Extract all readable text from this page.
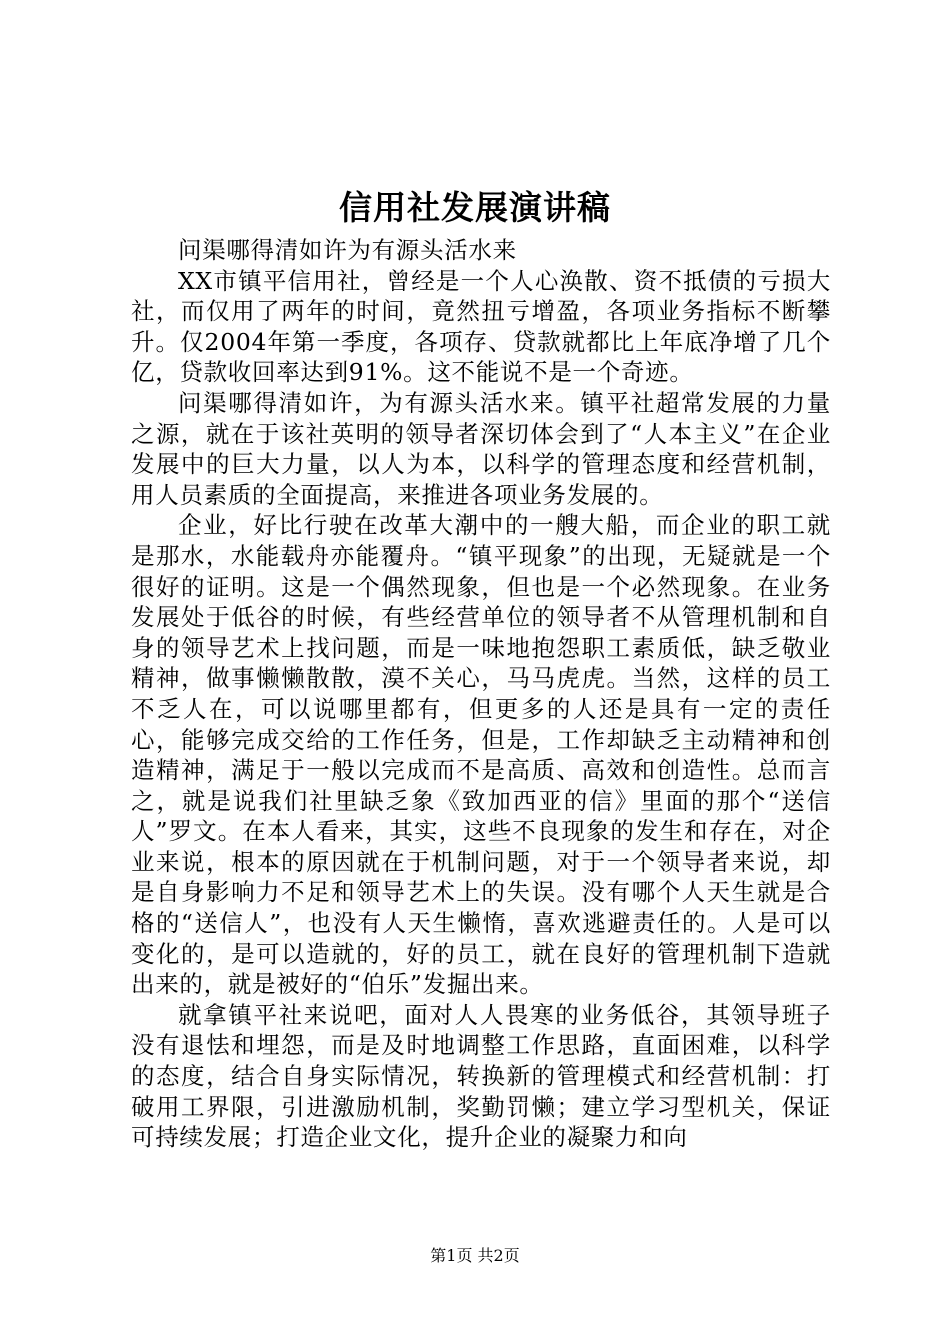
信用社发展演讲稿

问渠哪得清如许为有源头活水来

XX市镇平信用社，曾经是一个人心涣散、资不抵债的亏损大社，而仅用了两年的时间，竟然扭亏增盈，各项业务指标不断攀升。仅2004年第一季度，各项存、贷款就都比上年底净增了几个亿，贷款收回率达到91%。这不能说不是一个奇迹。

问渠哪得清如许，为有源头活水来。镇平社超常发展的力量之源，就在于该社英明的领导者深切体会到了“人本主义”在企业发展中的巨大力量，以人为本，以科学的管理态度和经营机制，用人员素质的全面提高，来推进各项业务发展的。

企业，好比行驶在改革大潮中的一艘大船，而企业的职工就是那水，水能载舟亦能覆舟。“镇平现象”的出现，无疑就是一个很好的证明。这是一个偶然现象，但也是一个必然现象。在业务发展处于低谷的时候，有些经营单位的领导者不从管理机制和自身的领导艺术上找问题，而是一味地抱怨职工素质低，缺乏敬业精神，做事懒懒散散，漠不关心，马马虎虎。当然，这样的员工不乏人在，可以说哪里都有，但更多的人还是具有一定的责任心，能够完成交给的工作任务，但是，工作却缺乏主动精神和创造精神，满足于一般以完成而不是高质、高效和创造性。总而言之，就是说我们社里缺乏象《致加西亚的信》里面的那个“送信人”罗文。在本人看来，其实，这些不良现象的发生和存在，对企业来说，根本的原因就在于机制问题，对于一个领导者来说，却是自身影响力不足和领导艺术上的失误。没有哪个人天生就是合格的“送信人”，也没有人天生懒惰，喜欢逃避责任的。人是可以变化的，是可以造就的，好的员工，就在良好的管理机制下造就出来的，就是被好的“伯乐”发掘出来。

就拿镇平社来说吧，面对人人畏寒的业务低谷，其领导班子没有退怯和埋怨，而是及时地调整工作思路，直面困难，以科学的态度，结合自身实际情况，转换新的管理模式和经营机制：打破用工界限，引进激励机制，奖勤罚懒；建立学习型机关，保证可持续发展；打造企业文化，提升企业的凝聚力和向

第1页 共2页
